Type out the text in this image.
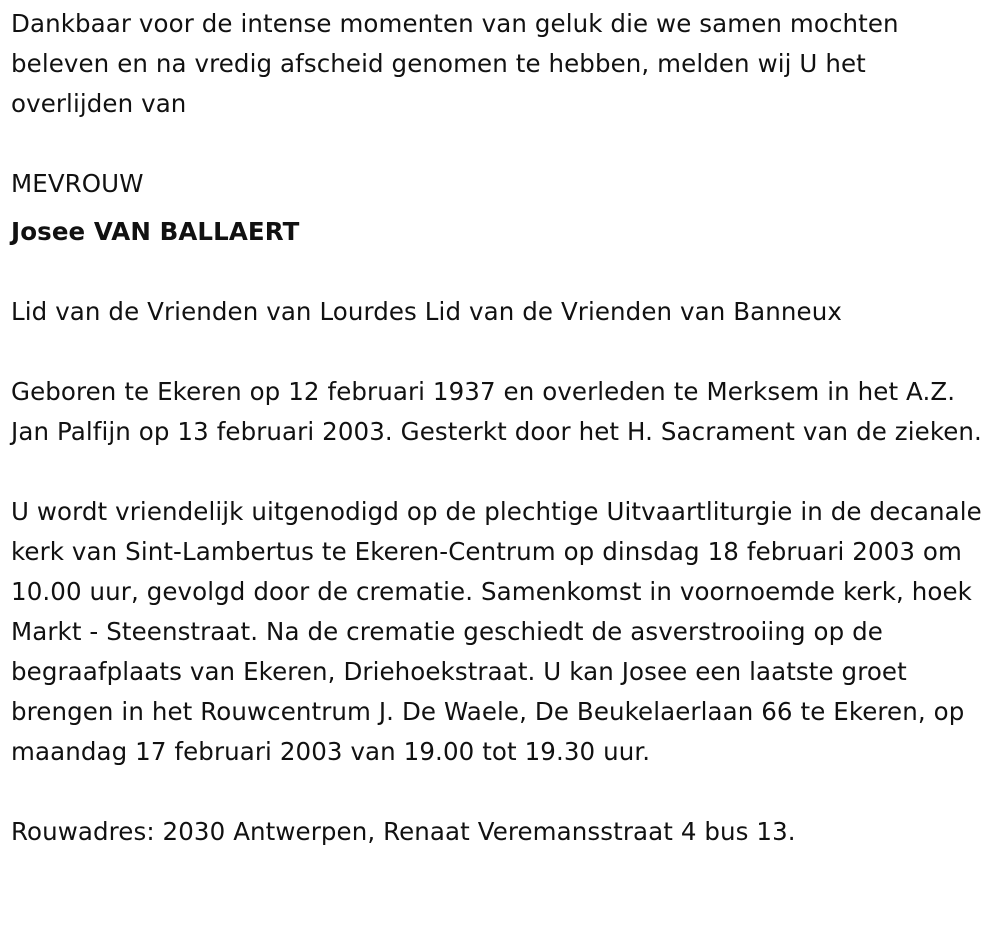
Dankbaar voor de intense momenten van geluk die we samen mochten beleven en na vredig afscheid genomen te hebben, melden wij U het overlijden van

MEVROUW

Josee VAN BALLAERT

Lid van de Vrienden van Lourdes Lid van de Vrienden van Banneux

Geboren te Ekeren op 12 februari 1937 en overleden te Merksem in het A.Z. Jan Palfijn op 13 februari 2003. Gesterkt door het H. Sacrament van de zieken.

U wordt vriendelijk uitgenodigd op de plechtige Uitvaartliturgie in de decanale kerk van Sint-Lambertus te Ekeren-Centrum op dinsdag 18 februari 2003 om 10.00 uur, gevolgd door de crematie. Samenkomst in voornoemde kerk, hoek Markt - Steenstraat. Na de crematie geschiedt de asverstrooiing op de begraafplaats van Ekeren, Driehoekstraat. U kan Josee een laatste groet brengen in het Rouwcentrum J. De Waele, De Beukelaerlaan 66 te Ekeren, op maandag 17 februari 2003 van 19.00 tot 19.30 uur.

Rouwadres: 2030 Antwerpen, Renaat Veremansstraat 4 bus 13.
